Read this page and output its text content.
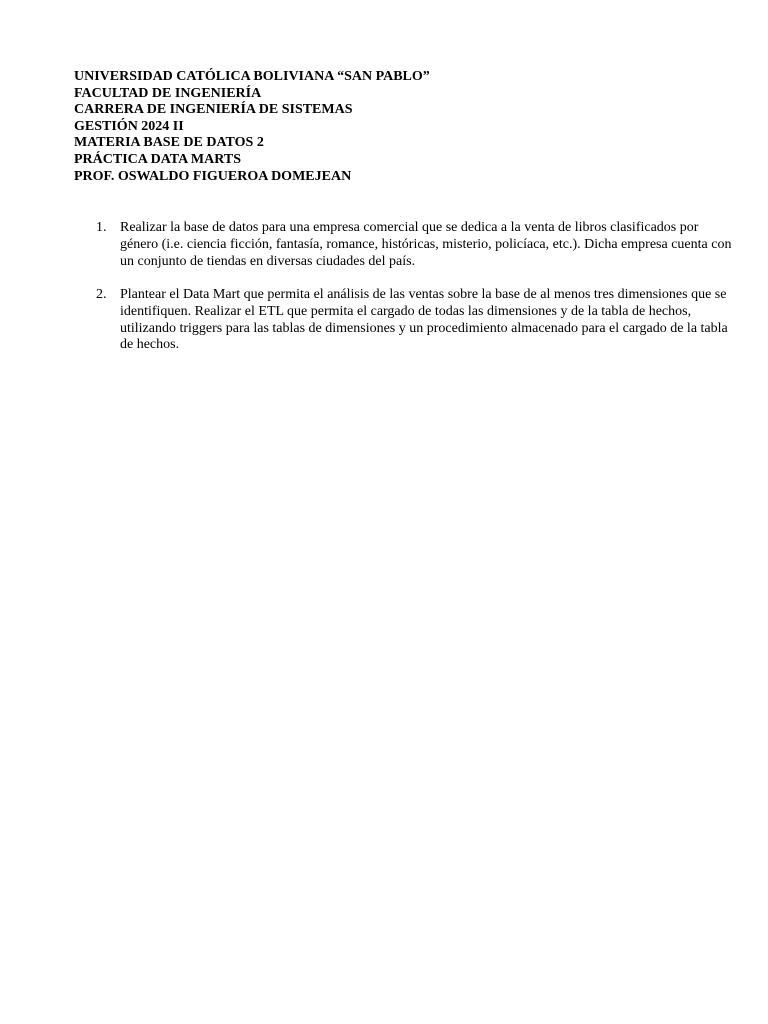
UNIVERSIDAD CATÓLICA BOLIVIANA “SAN PABLO”
FACULTAD DE INGENIERÍA
CARRERA DE INGENIERÍA DE SISTEMAS
GESTIÓN 2024 II
MATERIA BASE DE DATOS 2
PRÁCTICA DATA MARTS
PROF. OSWALDO FIGUEROA DOMEJEAN
1. Realizar la base de datos para una empresa comercial que se dedica a la venta de libros clasificados por género (i.e. ciencia ficción, fantasía, romance, históricas, misterio, policíaca, etc.). Dicha empresa cuenta con un conjunto de tiendas en diversas ciudades del país.
2. Plantear el Data Mart que permita el análisis de las ventas sobre la base de al menos tres dimensiones que se identifiquen. Realizar el ETL que permita el cargado de todas las dimensiones y de la tabla de hechos, utilizando triggers para las tablas de dimensiones y un procedimiento almacenado para el cargado de la tabla de hechos.
